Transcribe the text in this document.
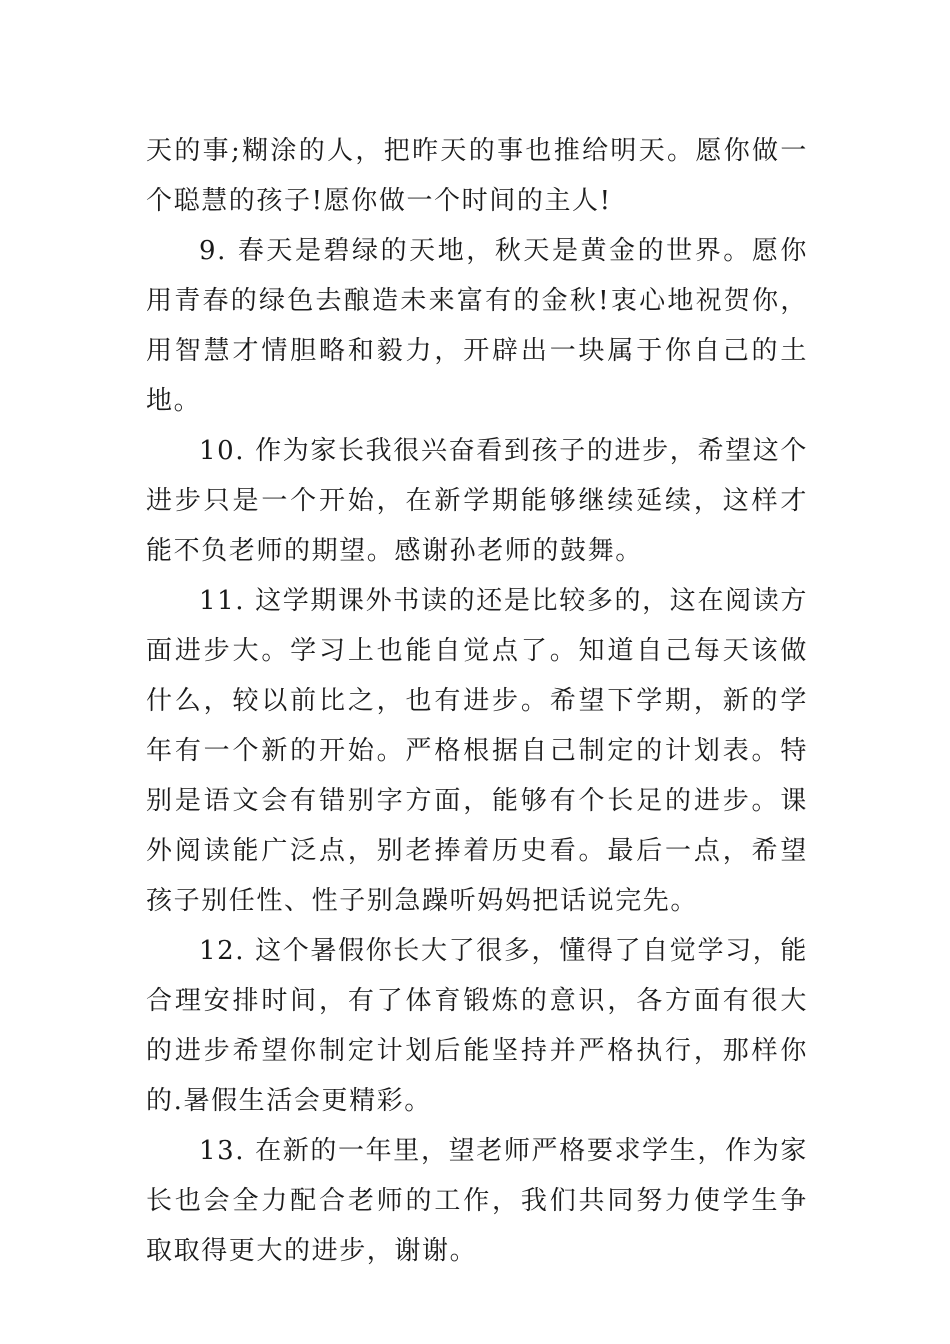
天的事;糊涂的人，把昨天的事也推给明天。愿你做一个聪慧的孩子!愿你做一个时间的主人!

9. 春天是碧绿的天地，秋天是黄金的世界。愿你用青春的绿色去酿造未来富有的金秋!衷心地祝贺你，用智慧才情胆略和毅力，开辟出一块属于你自己的土地。

10. 作为家长我很兴奋看到孩子的进步，希望这个进步只是一个开始，在新学期能够继续延续，这样才能不负老师的期望。感谢孙老师的鼓舞。

11. 这学期课外书读的还是比较多的，这在阅读方面进步大。学习上也能自觉点了。知道自己每天该做什么，较以前比之，也有进步。希望下学期，新的学年有一个新的开始。严格根据自己制定的计划表。特别是语文会有错别字方面，能够有个长足的进步。课外阅读能广泛点，别老捧着历史看。最后一点，希望孩子别任性、性子别急躁听妈妈把话说完先。

12. 这个暑假你长大了很多，懂得了自觉学习，能合理安排时间，有了体育锻炼的意识，各方面有很大的进步希望你制定计划后能坚持并严格执行，那样你的.暑假生活会更精彩。

13. 在新的一年里，望老师严格要求学生，作为家长也会全力配合老师的工作，我们共同努力使学生争取取得更大的进步，谢谢。
